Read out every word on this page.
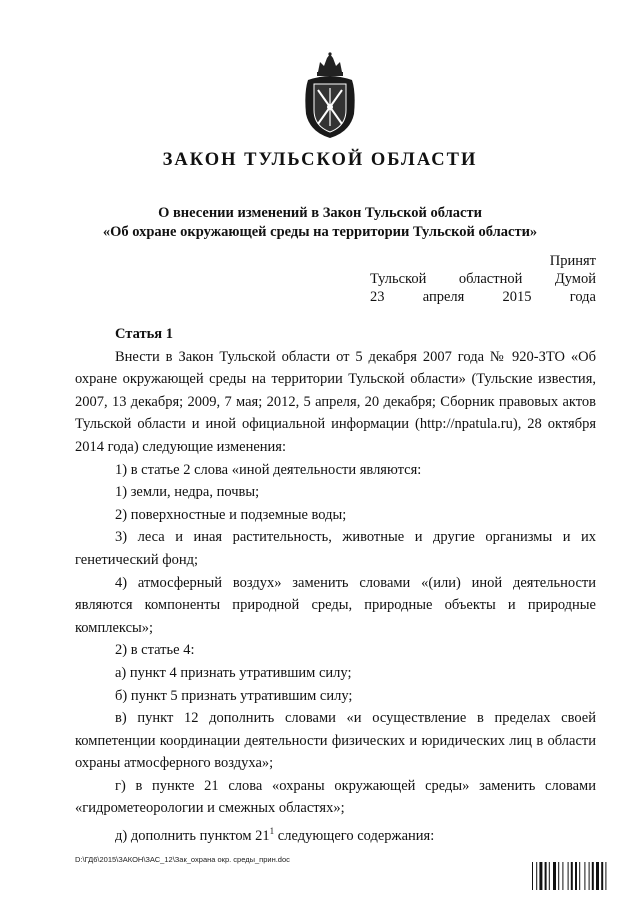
ЗАКОН ТУЛЬСКОЙ ОБЛАСТИ
О внесении изменений в Закон Тульской области
«Об охране окружающей среды на территории Тульской области»
Принят
Тульской областной Думой
23	апреля	2015	года

Статья 1

Внести в Закон Тульской области от 5 декабря 2007 года № 920-ЗТО «Об охране окружающей среды на территории Тульской области» (Тульские известия, 2007, 13 декабря; 2009, 7 мая; 2012, 5 апреля, 20 декабря; Сборник правовых актов Тульской области и иной официальной информации (http://npatula.ru), 28 октября 2014 года) следующие изменения:

1) в статье 2 слова «иной деятельности являются:

1) земли, недра, почвы;

2) поверхностные и подземные воды;

3) леса и иная растительность, животные и другие организмы и их генетический фонд;

4) атмосферный воздух» заменить словами «(или) иной деятельности являются компоненты природной среды, природные объекты и природные комплексы»;

2) в статье 4:

а) пункт 4 признать утратившим силу;

б) пункт 5 признать утратившим силу;

в) пункт 12 дополнить словами «и осуществление в пределах своей компетенции координации деятельности физических и юридических лиц в области охраны атмосферного воздуха»;

г) в пункте 21 слова «охраны окружающей среды» заменить словами «гидрометеорологии и смежных областях»;

д) дополнить пунктом $21^1$ следующего содержания:

D:\ГД6\2015\ЗАКОН\ЗАС_12\Зак_охрана окр. среды_прин.doc
